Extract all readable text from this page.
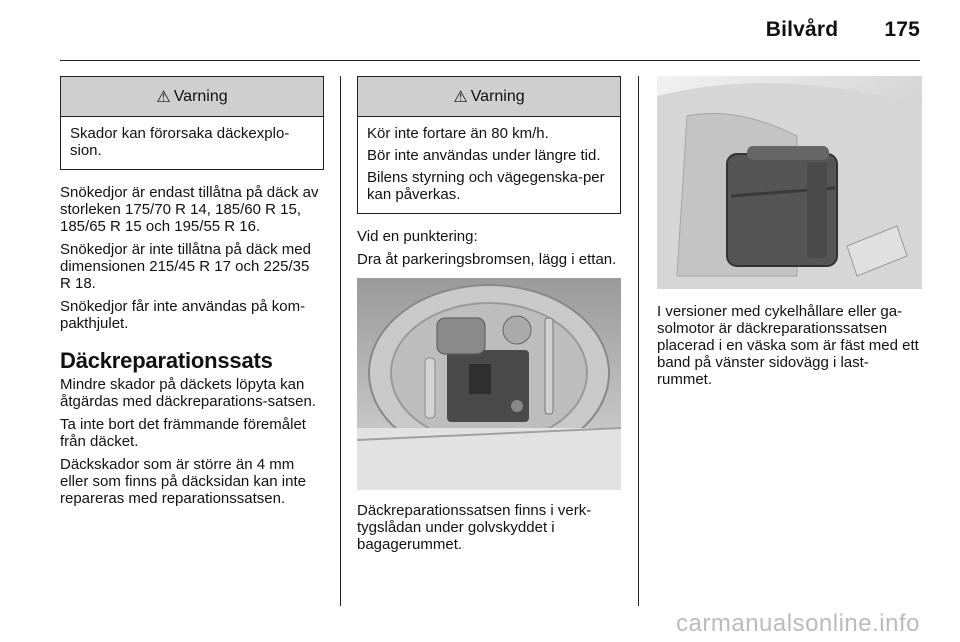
Bilvård 175
⚠ Varning

Skador kan förorsaka däckexplo-
sion.

Snökedjor är endast tillåtna på däck av storleken 175/70 R 14, 185/60 R 15, 185/65 R 15 och 195/55 R 16.

Snökedjor är inte tillåtna på däck med dimensionen 215/45 R 17 och 225/35 R 18.

Snökedjor får inte användas på kom-pakthjulet.

Däckreparationssats

Mindre skador på däckets löpyta kan åtgärdas med däckreparations-satsen.

Ta inte bort det främmande föremålet från däcket.

Däckskador som är större än 4 mm eller som finns på däcksidan kan inte repareras med reparationssatsen.

⚠ Varning

Kör inte fortare än 80 km/h.

Bör inte användas under längre tid.

Bilens styrning och vägegenska-per kan påverkas.

Vid en punktering:

Dra åt parkeringsbromsen, lägg i ettan.

Däckreparationssatsen finns i verk-tygslådan under golvskyddet i bagagerummet.

I versioner med cykelhållare eller ga-solmotor är däckreparationssatsen placerad i en väska som är fäst med ett band på vänster sidovägg i last-rummet.

carmanualsonline.info
